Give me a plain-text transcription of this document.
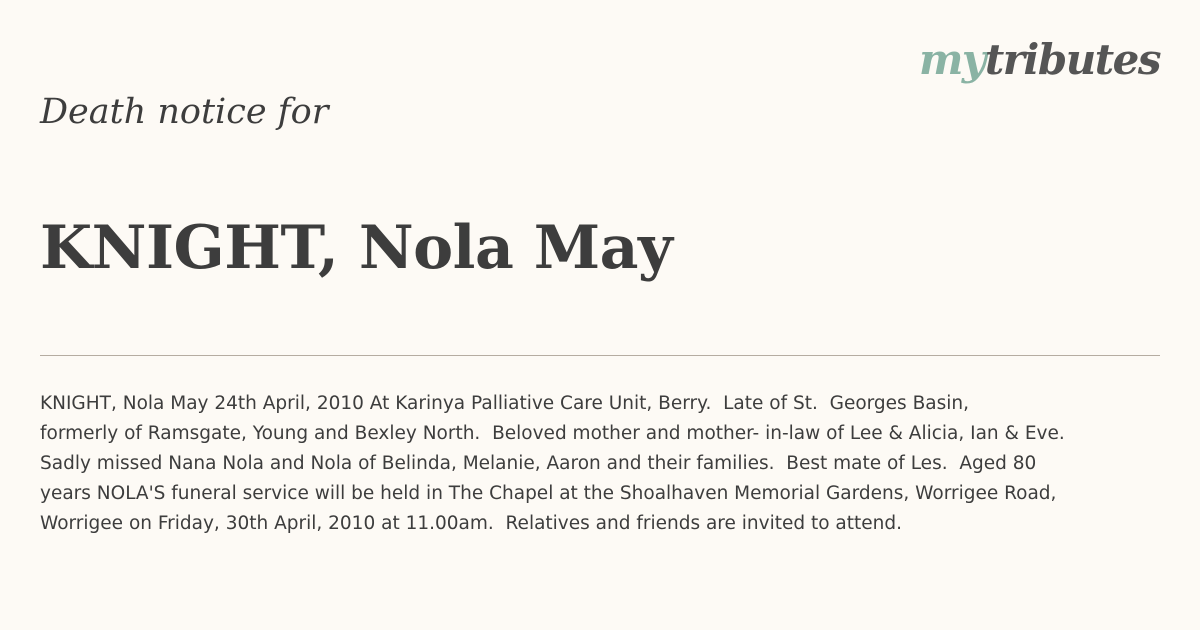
mytributes
Death notice for
KNIGHT, Nola May

KNIGHT, Nola May 24th April, 2010 At Karinya Palliative Care Unit, Berry.  Late of St.  Georges Basin,
formerly of Ramsgate, Young and Bexley North.  Beloved mother and mother- in-law of Lee & Alicia, Ian & Eve.
Sadly missed Nana Nola and Nola of Belinda, Melanie, Aaron and their families.  Best mate of Les.  Aged 80
years NOLA'S funeral service will be held in The Chapel at the Shoalhaven Memorial Gardens, Worrigee Road,
Worrigee on Friday, 30th April, 2010 at 11.00am.  Relatives and friends are invited to attend.
